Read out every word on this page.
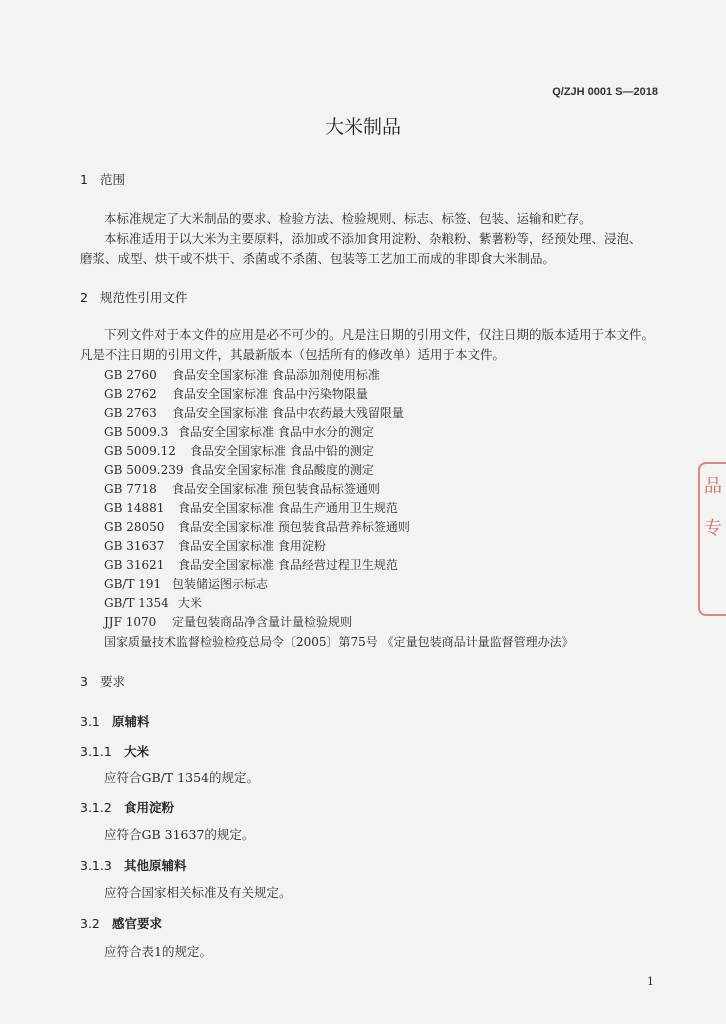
Q/ZJH 0001 S—2018
大米制品
1 范围
本标准规定了大米制品的要求、检验方法、检验规则、标志、标签、包装、运输和贮存。
本标准适用于以大米为主要原料，添加或不添加食用淀粉、杂粮粉、紫薯粉等，经预处理、浸泡、
磨浆、成型、烘干或不烘干、杀菌或不杀菌、包装等工艺加工而成的非即食大米制品。
2 规范性引用文件
下列文件对于本文件的应用是必不可少的。凡是注日期的引用文件，仅注日期的版本适用于本文件。
凡是不注日期的引用文件，其最新版本（包括所有的修改单）适用于本文件。
GB 2760 食品安全国家标准 食品添加剂使用标准
GB 2762 食品安全国家标准 食品中污染物限量
GB 2763 食品安全国家标准 食品中农药最大残留限量
GB 5009.3 食品安全国家标准 食品中水分的测定
GB 5009.12 食品安全国家标准 食品中铅的测定
GB 5009.239 食品安全国家标准 食品酸度的测定
GB 7718 食品安全国家标准 预包装食品标签通则
GB 14881 食品安全国家标准 食品生产通用卫生规范
GB 28050 食品安全国家标准 预包装食品营养标签通则
GB 31637 食品安全国家标准 食用淀粉
GB 31621 食品安全国家标准 食品经营过程卫生规范
GB/T 191 包装储运图示标志
GB/T 1354 大米
JJF 1070 定量包装商品净含量计量检验规则
国家质量技术监督检验检疫总局令〔2005〕第75号 《定量包装商品计量监督管理办法》
3 要求
3.1 原辅料
3.1.1 大米
应符合GB/T 1354的规定。
3.1.2 食用淀粉
应符合GB 31637的规定。
3.1.3 其他原辅料
应符合国家相关标准及有关规定。
3.2 感官要求
应符合表1的规定。
1
品
专
